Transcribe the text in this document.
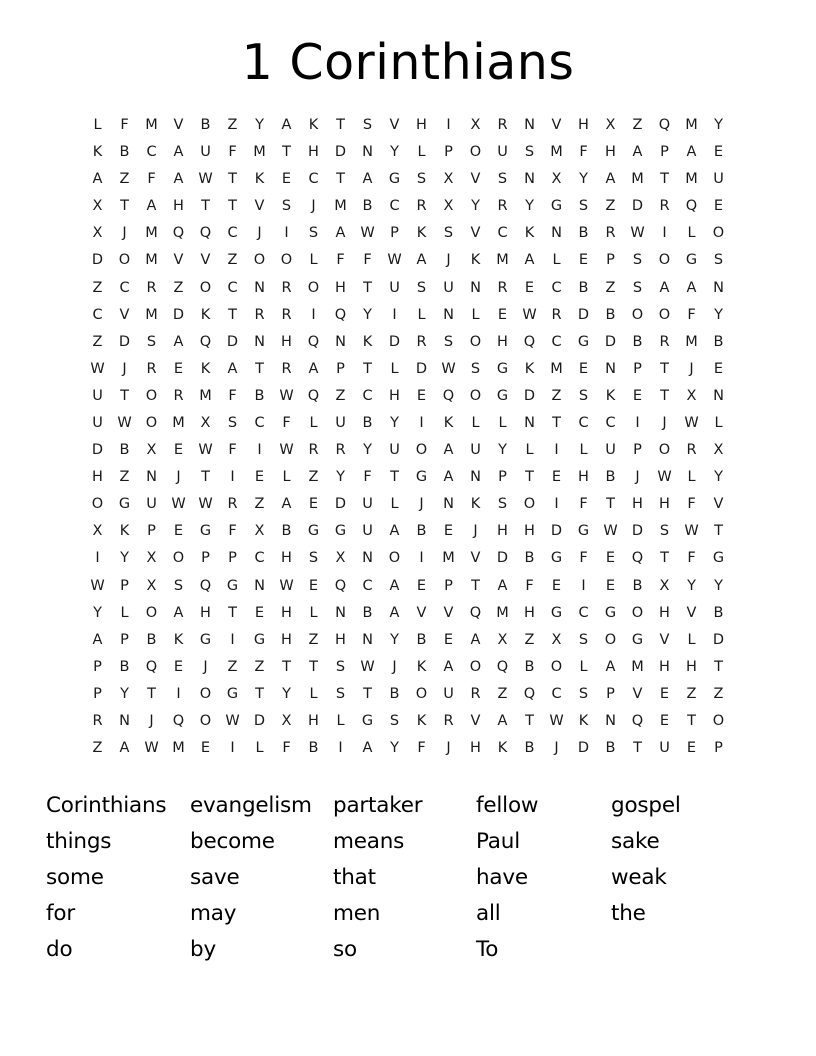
1 Corinthians
L	F	M	V	B	Z	Y	A	K	T	S	V	H	I	X	R	N	V	H	X	Z	Q	M	Y
K	B	C	A	U	F	M	T	H	D	N	Y	L	P	O	U	S	M	F	H	A	P	A	E
A	Z	F	A	W	T	K	E	C	T	A	G	S	X	V	S	N	X	Y	A	M	T	M	U
X	T	A	H	T	T	V	S	J	M	B	C	R	X	Y	R	Y	G	S	Z	D	R	Q	E
X	J	M	Q	Q	C	J	I	S	A	W	P	K	S	V	C	K	N	B	R	W	I	L	O
D	O	M	V	V	Z	O	O	L	F	F	W	A	J	K	M	A	L	E	P	S	O	G	S
Z	C	R	Z	O	C	N	R	O	H	T	U	S	U	N	R	E	C	B	Z	S	A	A	N
C	V	M	D	K	T	R	R	I	Q	Y	I	L	N	L	E	W	R	D	B	O	O	F	Y
Z	D	S	A	Q	D	N	H	Q	N	K	D	R	S	O	H	Q	C	G	D	B	R	M	B
W	J	R	E	K	A	T	R	A	P	T	L	D	W	S	G	K	M	E	N	P	T	J	E
U	T	O	R	M	F	B	W	Q	Z	C	H	E	Q	O	G	D	Z	S	K	E	T	X	N
U	W	O	M	X	S	C	F	L	U	B	Y	I	K	L	L	N	T	C	C	I	J	W	L
D	B	X	E	W	F	I	W	R	R	Y	U	O	A	U	Y	L	I	L	U	P	O	R	X
H	Z	N	J	T	I	E	L	Z	Y	F	T	G	A	N	P	T	E	H	B	J	W	L	Y
O	G	U	W	W	R	Z	A	E	D	U	L	J	N	K	S	O	I	F	T	H	H	F	V
X	K	P	E	G	F	X	B	G	G	U	A	B	E	J	H	H	D	G	W	D	S	W	T
I	Y	X	O	P	P	C	H	S	X	N	O	I	M	V	D	B	G	F	E	Q	T	F	G
W	P	X	S	Q	G	N	W	E	Q	C	A	E	P	T	A	F	E	I	E	B	X	Y	Y
Y	L	O	A	H	T	E	H	L	N	B	A	V	V	Q	M	H	G	C	G	O	H	V	B
A	P	B	K	G	I	G	H	Z	H	N	Y	B	E	A	X	Z	X	S	O	G	V	L	D
P	B	Q	E	J	Z	Z	T	T	S	W	J	K	A	O	Q	B	O	L	A	M	H	H	T
P	Y	T	I	O	G	T	Y	L	S	T	B	O	U	R	Z	Q	C	S	P	V	E	Z	Z
R	N	J	Q	O	W	D	X	H	L	G	S	K	R	V	A	T	W	K	N	Q	E	T	O
Z	A	W	M	E	I	L	F	B	I	A	Y	F	J	H	K	B	J	D	B	T	U	E	P
Corinthians	evangelism	partaker	fellow	gospel
things	become	means	Paul	sake
some	save	that	have	weak
for	may	men	all	the
do	by	so	To	
